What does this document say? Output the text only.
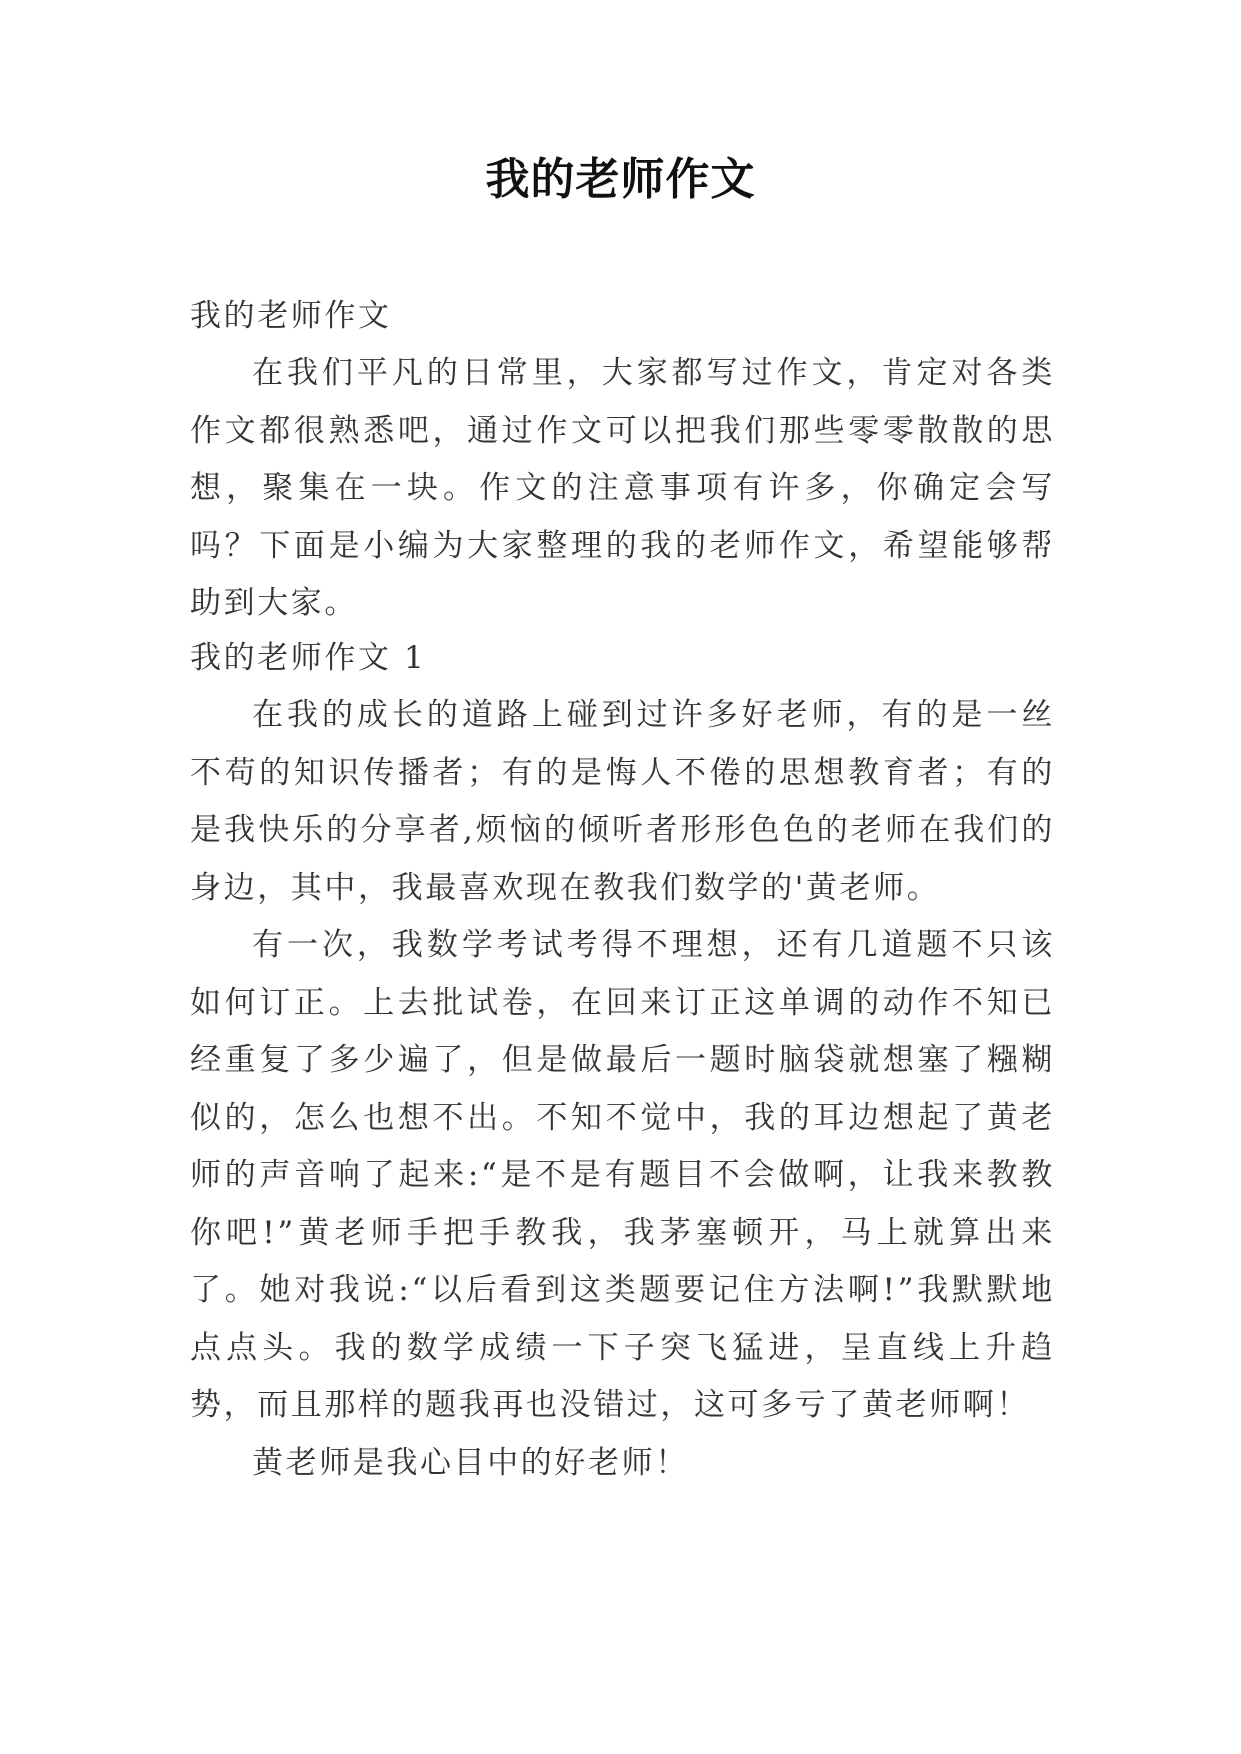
我的老师作文

我的老师作文

在我们平凡的日常里，大家都写过作文，肯定对各类作文都很熟悉吧，通过作文可以把我们那些零零散散的思想，聚集在一块。作文的注意事项有许多，你确定会写吗？下面是小编为大家整理的我的老师作文，希望能够帮助到大家。

我的老师作文 1

在我的成长的道路上碰到过许多好老师，有的是一丝不苟的知识传播者；有的是悔人不倦的思想教育者；有的是我快乐的分享者,烦恼的倾听者形形色色的老师在我们的身边，其中，我最喜欢现在教我们数学的'黄老师。

有一次，我数学考试考得不理想，还有几道题不只该如何订正。上去批试卷，在回来订正这单调的动作不知已经重复了多少遍了，但是做最后一题时脑袋就想塞了糨糊似的，怎么也想不出。不知不觉中，我的耳边想起了黄老师的声音响了起来:“是不是有题目不会做啊，让我来教教你吧!”黄老师手把手教我，我茅塞顿开，马上就算出来了。她对我说:“以后看到这类题要记住方法啊!”我默默地点点头。我的数学成绩一下子突飞猛进，呈直线上升趋势，而且那样的题我再也没错过，这可多亏了黄老师啊！

黄老师是我心目中的好老师！
